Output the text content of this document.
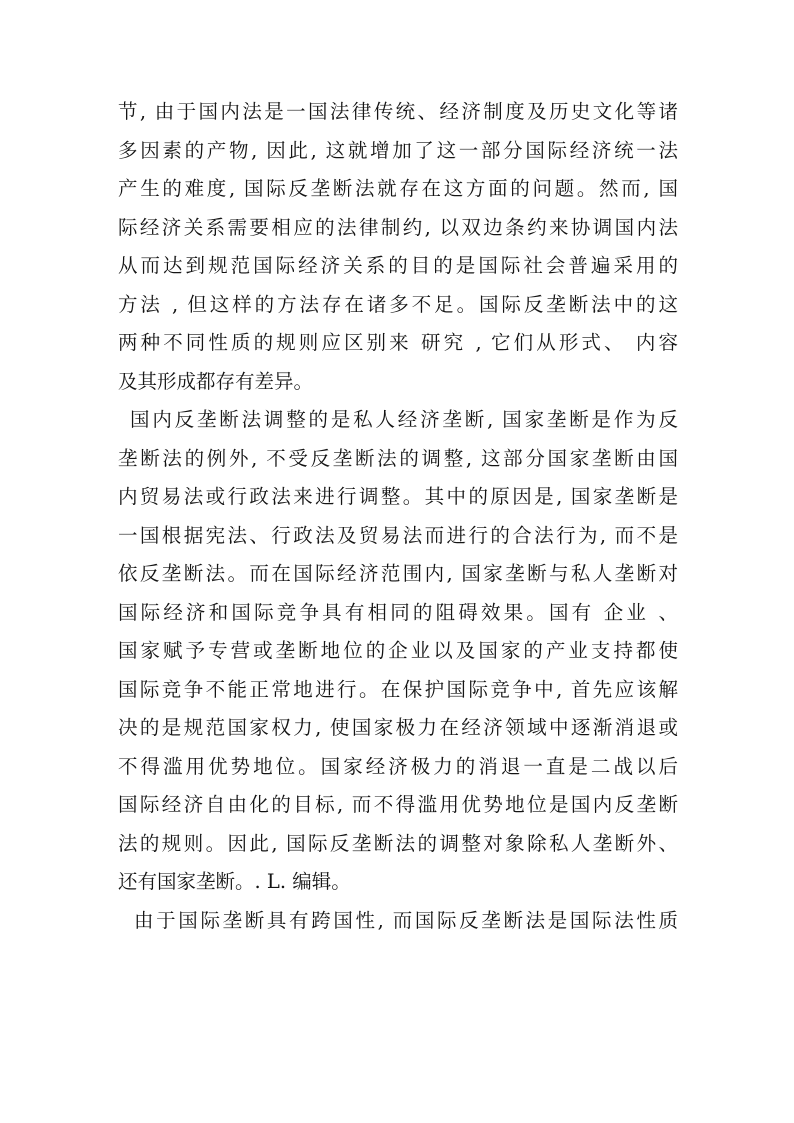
节, 由于国内法是一国法律传统、经济制度及历史文化等诸
多因素的产物, 因此, 这就增加了这一部分国际经济统一法
产生的难度, 国际反垄断法就存在这方面的问题。然而, 国
际经济关系需要相应的法律制约, 以双边条约来协调国内法
从而达到规范国际经济关系的目的是国际社会普遍采用的
方法 , 但这样的方法存在诸多不足。国际反垄断法中的这
两种不同性质的规则应区别来 研究 , 它们从形式、 内容
及其形成都存有差异。
国内反垄断法调整的是私人经济垄断, 国家垄断是作为反
垄断法的例外, 不受反垄断法的调整, 这部分国家垄断由国
内贸易法或行政法来进行调整。其中的原因是, 国家垄断是
一国根据宪法、行政法及贸易法而进行的合法行为, 而不是
依反垄断法。而在国际经济范围内, 国家垄断与私人垄断对
国际经济和国际竞争具有相同的阻碍效果。国有 企业 、
国家赋予专营或垄断地位的企业以及国家的产业支持都使
国际竞争不能正常地进行。在保护国际竞争中, 首先应该解
决的是规范国家权力, 使国家极力在经济领域中逐渐消退或
不得滥用优势地位。国家经济极力的消退一直是二战以后
国际经济自由化的目标, 而不得滥用优势地位是国内反垄断
法的规则。因此, 国际反垄断法的调整对象除私人垄断外、
还有国家垄断。. L. 编辑。
由于国际垄断具有跨国性, 而国际反垄断法是国际法性质
